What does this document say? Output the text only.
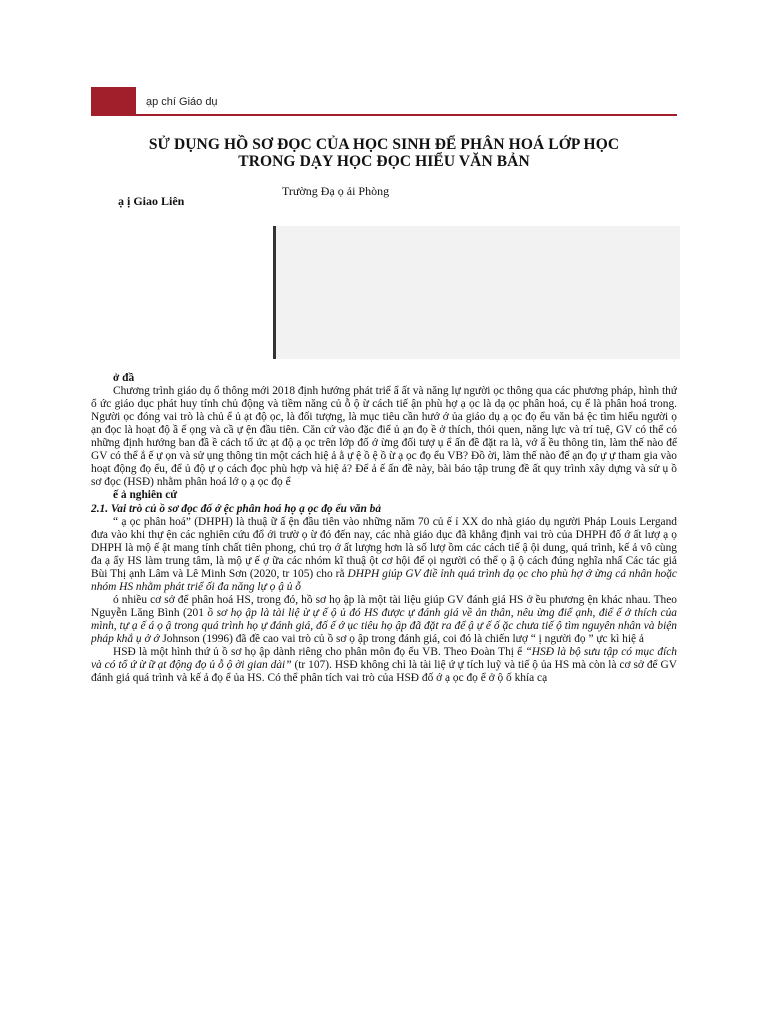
ạp chí Giáo dụ
SỬ DỤNG HỒ SƠ ĐỌC CỦA HỌC SINH ĐỂ PHÂN HOÁ LỚP HỌC
TRONG DẠY HỌC ĐỌC HIỂU VĂN BẢN
ạ ị Giao Liên
Trường Đạ ọ ải Phòng

ở đầ

Chương trình giáo dụ ổ thông mới 2018 định hướng phát triể ẩ ất và năng lự người ọc thông qua các phương pháp, hình thứ ổ ức giáo dục phát huy tính chủ động và tiềm năng củ ỗ ộ ừ cách tiế ận phù hợ ạ ọc là dạ ọc phân hoá, cụ ể là phân hoá trong. Người ọc đóng vai trò là chủ ể ủ ạt độ ọc, là đối tượng, là mục tiêu cần hướ ớ ủa giáo dụ ạ ọc đọ ểu văn bả ệc tìm hiểu người ọ ạn đọc là hoạt độ ầ ế ọng và cầ ự ện đầu tiên. Căn cứ vào đặc điể ủ ạn đọ ề ở thích, thói quen, năng lực và trí tuệ, GV có thể có những định hướng ban đầ ề cách tổ ức ạt độ ạ ọc trên lớp đố ớ ừng đối tượ ụ ể ấn đề đặt ra là, vớ ấ ều thông tin, làm thế nào để GV có thể ắ ế ự ọn và sử ụng thông tin một cách hiệ ả ằ ự ệ ồ ệ ồ ừ ạ ọc đọ ểu VB? Đồ ời, làm thế nào để ạn đọ ự ự tham gia vào hoạt động đọ ểu, để ủ độ ự ọ cách đọc phù hợp và hiệ ả? Để ả ế ấn đề này, bài báo tập trung đề ất quy trình xây dựng và sử ụ ồ sơ đọc (HSĐ) nhằm phân hoá lớ ọ ạ ọc đọ ể

ế ả nghiên cứ

2.1. Vai trò củ ồ sơ đọc đố ớ ệc phân hoá họ ạ ọc đọ ểu văn bả

“ ạ ọc phân hoá” (DHPH) là thuậ ữ ấ ện đầu tiên vào những năm 70 củ ế ỉ XX do nhà giáo dụ người Pháp Louis Lergand đưa vào khi thự ện các nghiên cứu đổ ới trườ ọ ừ đó đến nay, các nhà giáo dục đã khẳng định vai trò của DHPH đố ớ ất lượ ạ ọ DHPH là mộ ế ật mang tính chất tiên phong, chú trọ ớ ất lượng hơn là số lượ ồm các cách tiế ậ ội dung, quá trình, kế ả vô cùng đa ạ ẩy HS làm trung tâm, là mộ ự ế ợ ữa các nhóm kĩ thuậ ột cơ hội để ọi người có thể ọ ậ ộ cách đúng nghĩa nhấ Các tác giả Bùi Thị ạnh Lâm và Lê Minh Sơn (2020, tr 105) cho rằ DHPH giúp GV điề ỉnh quá trình dạ ọc cho phù hợ ớ ừng cá nhân hoặc nhóm HS nhằm phát triể ối đa năng lự ọ ậ ủ ỗ

ó nhiều cơ sở để phân hoá HS, trong đó, hồ sơ họ ập là một tài liệu giúp GV đánh giá HS ở ều phương ện khác nhau. Theo Nguyễn Lăng Bình (201 ồ sơ họ ập là tài liệ ừ ự ế ộ ủ đó HS được ự đánh giá về ản thân, nêu ừng điể ạnh, điể ế ở thích của mình, tự ạ ế á ọ ậ trong quá trình họ ự đánh giá, đố ế ớ ục tiêu họ ập đã đặt ra để ậ ự ế ố ặc chưa tiế ộ tìm nguyên nhân và biện pháp khắ ụ ở ớ Johnson (1996) đã đề cao vai trò củ ồ sơ ọ ập trong đánh giá, coi đó là chiến lượ “ ị người đọ ” ực kì hiệ ả

HSĐ là một hình thứ ủ ồ sơ họ ập dành riêng cho phân môn đọ ểu VB. Theo Đoàn Thị ể “HSĐ là bộ sưu tập có mục đích và có tổ ứ ừ ữ ạt động đọ ủ ỗ ộ ời gian dài” (tr 107). HSĐ không chỉ là tài liệ ứ ự tích luỹ và tiế ộ ủa HS mà còn là cơ sở để GV đánh giá quá trình và kế ả đọ ể ủa HS. Có thể phân tích vai trò của HSĐ đố ớ ạ ọc đọ ể ở ộ ố khía cạ
